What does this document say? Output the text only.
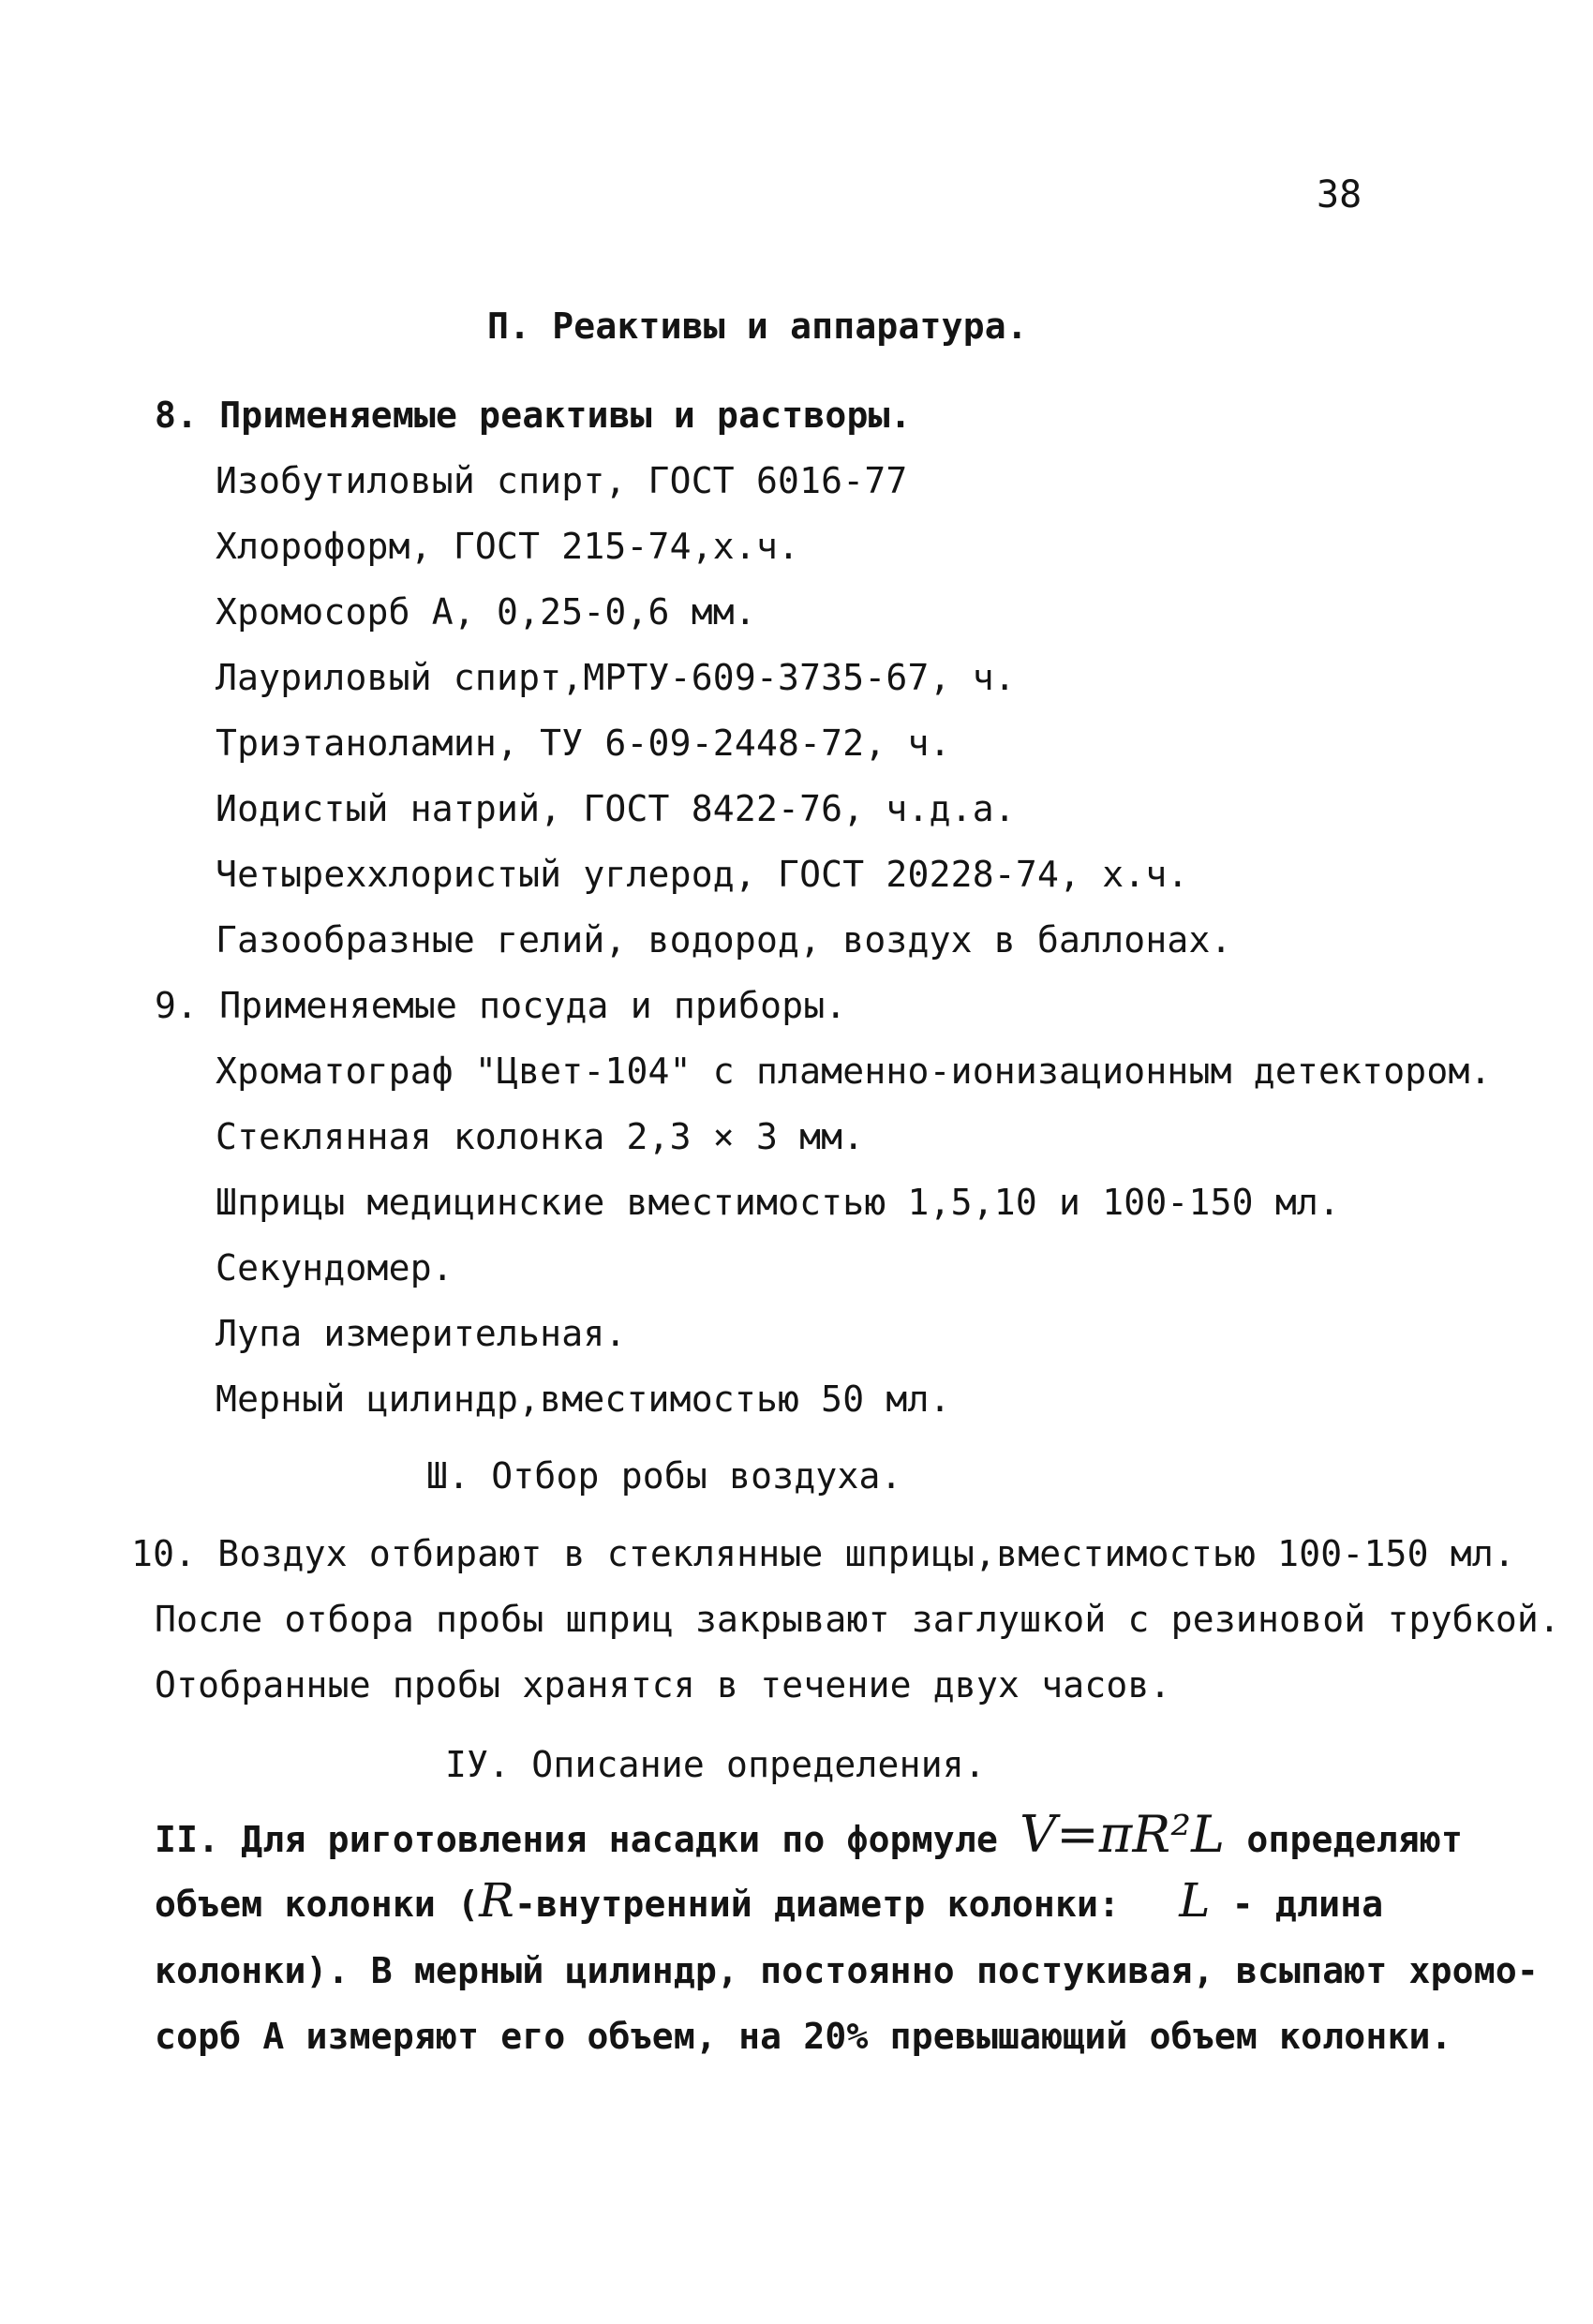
38
П. Реактивы и аппаратура.
8. Применяемые реактивы и растворы.
Изобутиловый спирт, ГОСТ 6016-77
Хлороформ, ГОСТ 215-74,х.ч.
Хромосорб А, 0,25-0,6 мм.
Лауриловый спирт,МРТУ-609-3735-67, ч.
Триэтаноламин, ТУ 6-09-2448-72, ч.
Иодистый натрий, ГОСТ 8422-76, ч.д.а.
Четыреххлористый углерод, ГОСТ 20228-74, х.ч.
Газообразные гелий, водород, воздух в баллонах.
9. Применяемые посуда и приборы.
Хроматограф "Цвет-104" с пламенно-ионизационным детектором.
Стеклянная колонка 2,3 × 3 мм.
Шприцы медицинские вместимостью 1,5,10 и 100-150 мл.
Секундомер.
Лупа измерительная.
Мерный цилиндр,вместимостью 50 мл.
Ш. Отбор робы воздуха.
10. Воздух отбирают в стеклянные шприцы,вместимостью 100-150 мл.
После отбора пробы шприц закрывают заглушкой с резиновой трубкой.
Отобранные пробы хранятся в течение двух часов.
IУ. Описание определения.
II. Для риготовления насадки по формуле V=πR²L определяют
объем колонки (R-внутренний диаметр колонки: L - длина
колонки). В мерный цилиндр, постоянно постукивая, всыпают хромо-
сорб А измеряют его объем, на 20% превышающий объем колонки.
